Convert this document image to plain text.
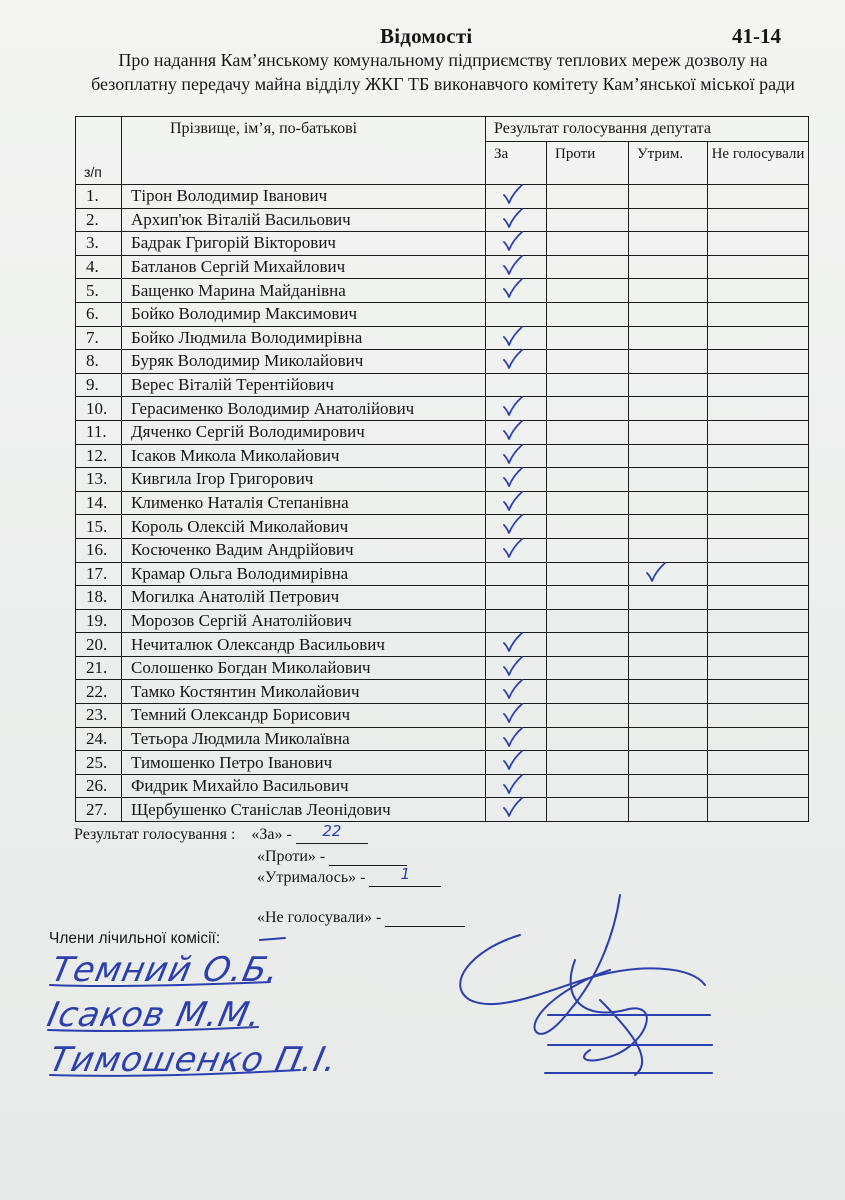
Відомості	41-14
Про надання Кам’янському комунальному підприємству теплових мереж дозволу на безоплатну передачу майна відділу ЖКГ ТБ виконавчого комітету Кам’янської міської ради
з/п	Прізвище, ім’я, по-батькові	Результат голосування депутата			
		За	Проти	Утрим.	Не голосували
1.	Тірон Володимир Іванович	

2.	Архип'юк Віталій Васильович	

3.	Бадрак Григорій Вікторович	

4.	Батланов Сергій Михайлович	

5.	Бащенко Марина Майданівна	

6.	Бойко Володимир Максимович				
7.	Бойко Людмила Володимирівна	

8.	Буряк Володимир Миколайович	

9.	Верес Віталій Терентійович				
10.	Герасименко Володимир Анатолійович	

11.	Дяченко Сергій Володимирович	

12.	Ісаков Микола Миколайович	

13.	Кивгила Ігор Григорович	

14.	Клименко Наталія Степанівна	

15.	Король Олексій Миколайович	

16.	Косюченко Вадим Андрійович	

17.	Крамар Ольга Володимирівна			

18.	Могилка Анатолій Петрович				
19.	Морозов Сергій Анатолійович				
20.	Нечиталюк Олександр Васильович	

21.	Солошенко Богдан Миколайович	

22.	Тамко Костянтин Миколайович	

23.	Темний Олександр Борисович	

24.	Тетьора Людмила Миколаївна	

25.	Тимошенко Петро Іванович	

26.	Фидрик Михайло Васильович	

27.	Щербушенко Станіслав Леонідович	

Результат голосування : «За» -	22
«Проти» -
«Утрималось» -	1
«Не голосували» -
Члени лічильної комісії:
Темний О.Б.
Ісаков М.М.
Тимошенко П.І.
